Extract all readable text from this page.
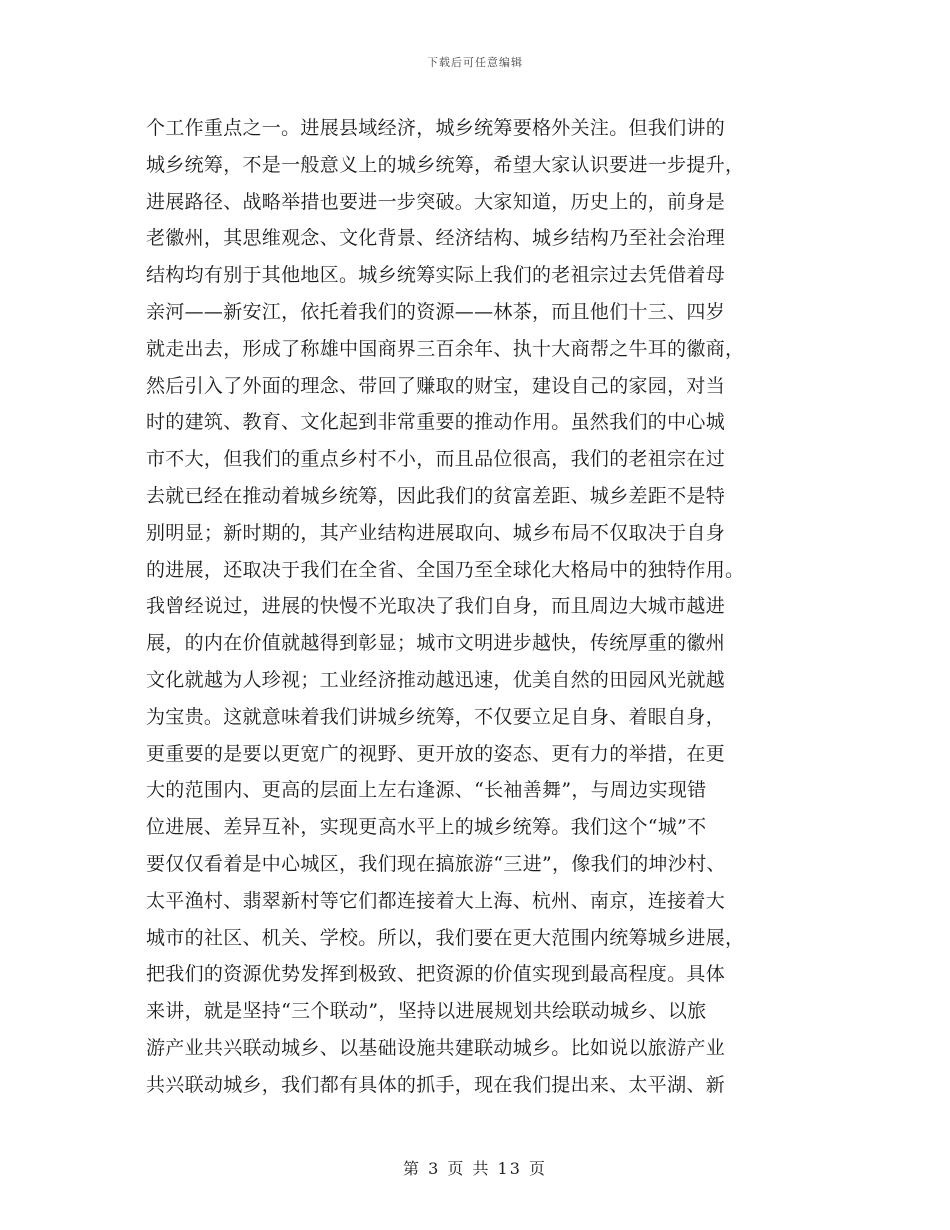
下载后可任意编辑
个工作重点之一。进展县域经济，城乡统筹要格外关注。但我们讲的
城乡统筹，不是一般意义上的城乡统筹，希望大家认识要进一步提升，
进展路径、战略举措也要进一步突破。大家知道，历史上的，前身是
老徽州，其思维观念、文化背景、经济结构、城乡结构乃至社会治理
结构均有别于其他地区。城乡统筹实际上我们的老祖宗过去凭借着母
亲河——新安江，依托着我们的资源——林茶，而且他们十三、四岁
就走出去，形成了称雄中国商界三百余年、执十大商帮之牛耳的徽商，
然后引入了外面的理念、带回了赚取的财宝，建设自己的家园，对当
时的建筑、教育、文化起到非常重要的推动作用。虽然我们的中心城
市不大，但我们的重点乡村不小，而且品位很高，我们的老祖宗在过
去就已经在推动着城乡统筹，因此我们的贫富差距、城乡差距不是特
别明显；新时期的，其产业结构进展取向、城乡布局不仅取决于自身
的进展，还取决于我们在全省、全国乃至全球化大格局中的独特作用。
我曾经说过，进展的快慢不光取决了我们自身，而且周边大城市越进
展，的内在价值就越得到彰显；城市文明进步越快，传统厚重的徽州
文化就越为人珍视；工业经济推动越迅速，优美自然的田园风光就越
为宝贵。这就意味着我们讲城乡统筹，不仅要立足自身、着眼自身，
更重要的是要以更宽广的视野、更开放的姿态、更有力的举措，在更
大的范围内、更高的层面上左右逢源、“长袖善舞”，与周边实现错
位进展、差异互补，实现更高水平上的城乡统筹。我们这个“城”不
要仅仅看着是中心城区，我们现在搞旅游“三进”，像我们的坤沙村、
太平渔村、翡翠新村等它们都连接着大上海、杭州、南京，连接着大
城市的社区、机关、学校。所以，我们要在更大范围内统筹城乡进展，
把我们的资源优势发挥到极致、把资源的价值实现到最高程度。具体
来讲，就是坚持“三个联动”，坚持以进展规划共绘联动城乡、以旅
游产业共兴联动城乡、以基础设施共建联动城乡。比如说以旅游产业
共兴联动城乡，我们都有具体的抓手，现在我们提出来、太平湖、新
第 3 页 共 13 页
